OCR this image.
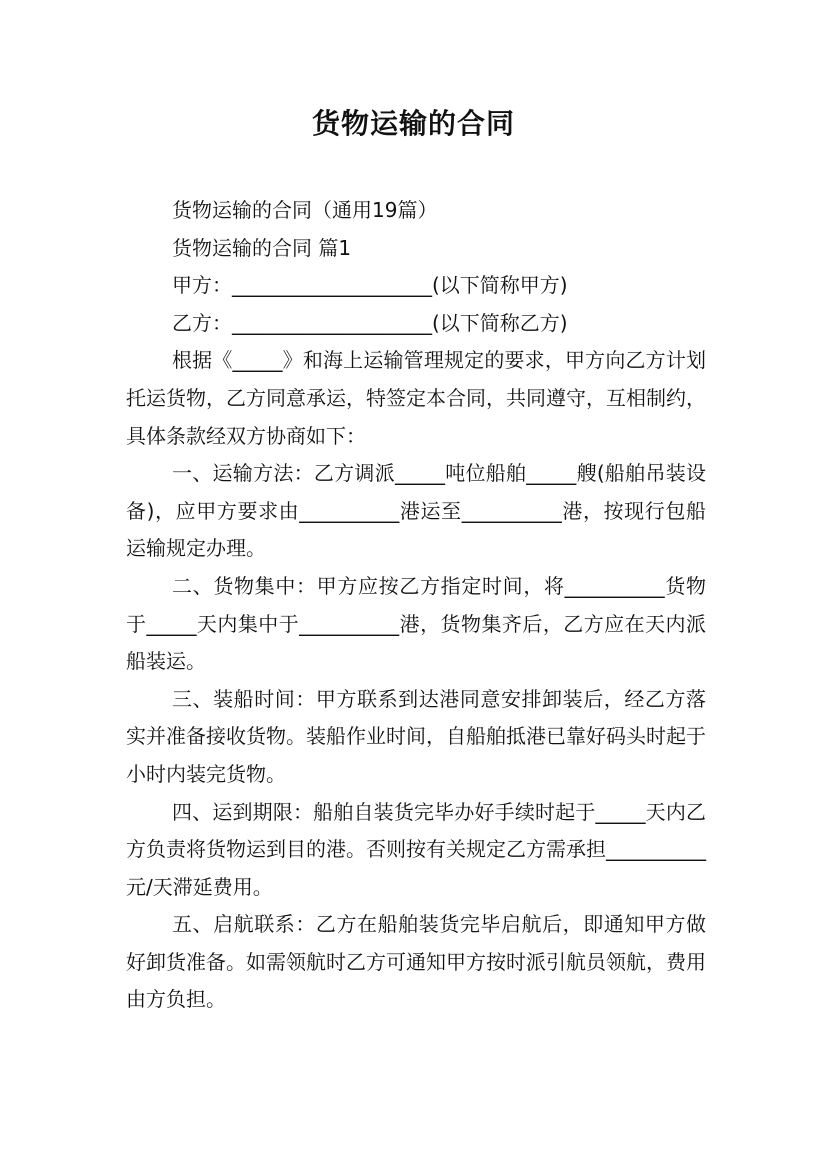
货物运输的合同

货物运输的合同（通用19篇）

货物运输的合同 篇1

甲方：____________________(以下简称甲方)

乙方：____________________(以下简称乙方)

根据《_____》和海上运输管理规定的要求，甲方向乙方计划托运货物，乙方同意承运，特签定本合同，共同遵守，互相制约，具体条款经双方协商如下：

一、运输方法：乙方调派_____吨位船舶_____艘(船舶吊装设备)，应甲方要求由__________港运至__________港，按现行包船运输规定办理。

二、货物集中：甲方应按乙方指定时间，将__________货物于_____天内集中于__________港，货物集齐后，乙方应在天内派船装运。

三、装船时间：甲方联系到达港同意安排卸装后，经乙方落实并准备接收货物。装船作业时间，自船舶抵港已靠好码头时起于小时内装完货物。

四、运到期限：船舶自装货完毕办好手续时起于_____天内乙方负责将货物运到目的港。否则按有关规定乙方需承担__________元/天滞延费用。

五、启航联系：乙方在船舶装货完毕启航后，即通知甲方做好卸货准备。如需领航时乙方可通知甲方按时派引航员领航，费用由方负担。
